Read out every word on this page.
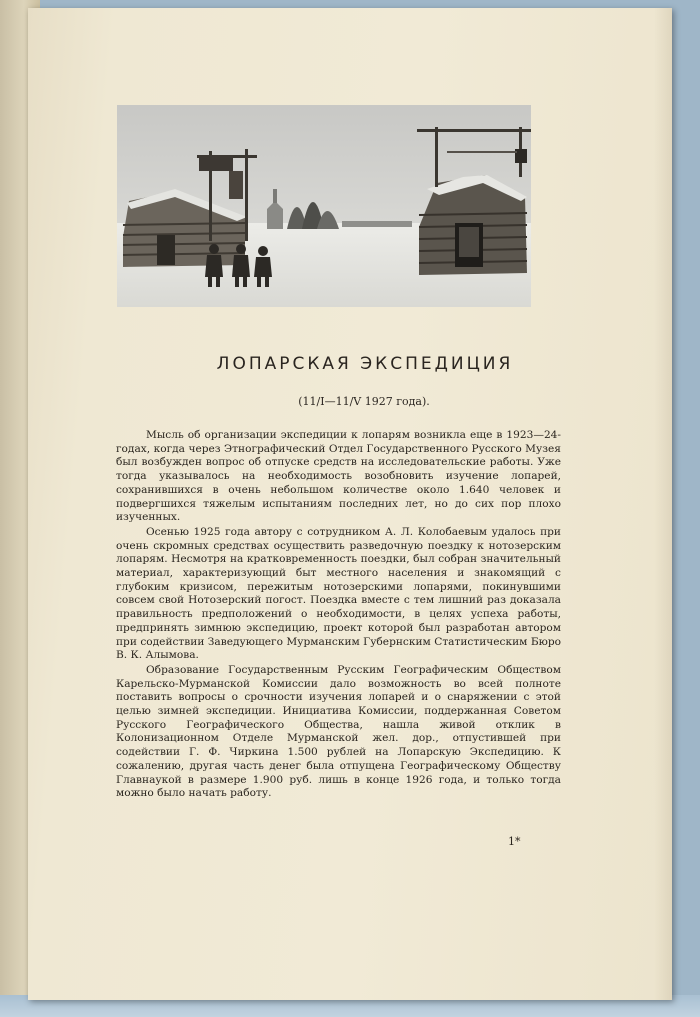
ЛОПАРСКАЯ ЭКСПЕДИЦИЯ
(11/I—11/V 1927 года).

Мысль об организации экспедиции к лопарям возникла еще в 1923—24-годах, когда через Этнографический Отдел Государственного Русского Музея был возбужден вопрос об отпуске средств на исследовательские работы. Уже тогда указывалось на необходимость возобновить изучение лопарей, сохранившихся в очень небольшом количестве около 1.640 человек и подвергшихся тяжелым испытаниям последних лет, но до сих пор плохо изученных.

Осенью 1925 года автору с сотрудником А. Л. Колобаевым удалось при очень скромных средствах осуществить разведочную поездку к нотозерским лопарям. Несмотря на кратковременность поездки, был собран значительный материал, характеризующий быт местного населения и знакомящий с глубоким кризисом, пережитым нотозерскими лопарями, покинувшими совсем свой Нотозерский погост. Поездка вместе с тем лишний раз доказала правильность предположений о необходимости, в целях успеха работы, предпринять зимнюю экспедицию, проект которой был разработан автором при содействии Заведующего Мурманским Губернским Статистическим Бюро В. К. Алымова.

Образование Государственным Русским Географическим Обществом Карельско-Мурманской Комиссии дало возможность во всей полноте поставить вопросы о срочности изучения лопарей и о снаряжении с этой целью зимней экспедиции. Инициатива Комиссии, поддержанная Советом Русского Географического Общества, нашла живой отклик в Колонизационном Отделе Мурманской жел. дор., отпустившей при содействии Г. Ф. Чиркина 1.500 рублей на Лопарскую Экспедицию. К сожалению, другая часть денег была отпущена Географическому Обществу Главнаукой в размере 1.900 руб. лишь в конце 1926 года, и только тогда можно было начать работу.

1*
